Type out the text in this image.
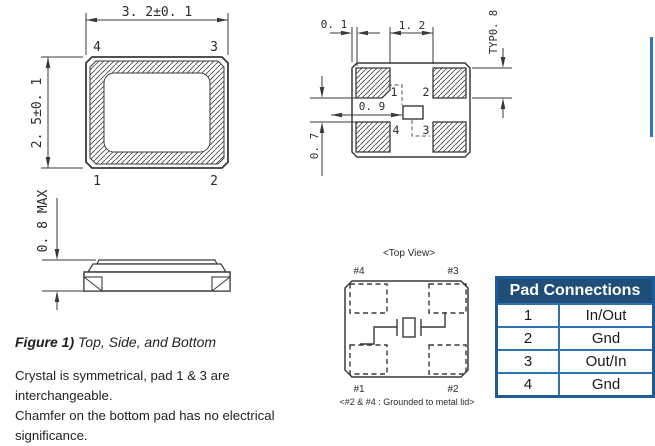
3. 2±0. 1
2. 5±0. 1
4	3
1	2
0. 8 MAX
1 2
4 3
0. 1	1. 2	TYP0. 8
0. 7
0. 9
<Top View>
#4	#3
#1	#2
<#2 & #4 : Grounded to metal lid>
Pad Connections
1	In/Out
2	Gnd
3	Out/In
4	Gnd
Figure 1) Top, Side, and Bottom
Crystal is symmetrical, pad 1 & 3 are interchangeable.
Chamfer on the bottom pad has no electrical
significance.
